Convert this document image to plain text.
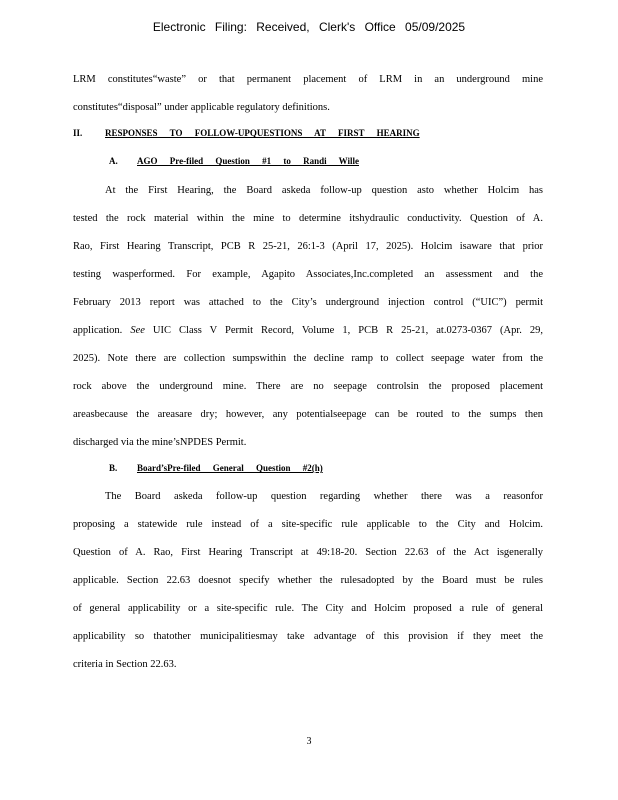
Electronic Filing: Received, Clerk's Office 05/09/2025
LRM constitutes“waste” or that permanent placement of LRM in an underground mine
constitutes“disposal” under applicable regulatory definitions.
II.	RESPONSES TO FOLLOW-UPQUESTIONS AT FIRST HEARING
A. AGO Pre-filed Question #1 to Randi Wille
At the First Hearing, the Board askeda follow-up question asto whether Holcim has
tested the rock material within the mine to determine itshydraulic conductivity. Question of A.
Rao, First Hearing Transcript, PCB R 25-21, 26:1-3 (April 17, 2025). Holcim isaware that prior
testing wasperformed. For example, Agapito Associates,Inc.completed an assessment and the
February 2013 report was attached to the City’s underground injection control (“UIC”) permit
application. See UIC Class V Permit Record, Volume 1, PCB R 25-21, at.0273-0367 (Apr. 29,
2025). Note there are collection sumpswithin the decline ramp to collect seepage water from the
rock above the underground mine. There are no seepage controlsin the proposed placement
areasbecause the areasare dry; however, any potentialseepage can be routed to the sumps then
discharged via the mine’sNPDES Permit.
B. Board’sPre-filed General Question #2(h)
The Board askeda follow-up question regarding whether there was a reasonfor
proposing a statewide rule instead of a site-specific rule applicable to the City and Holcim.
Question of A. Rao, First Hearing Transcript at 49:18-20. Section 22.63 of the Act isgenerally
applicable. Section 22.63 doesnot specify whether the rulesadopted by the Board must be rules
of general applicability or a site-specific rule. The City and Holcim proposed a rule of general
applicability so thatother municipalitiesmay take advantage of this provision if they meet the
criteria in Section 22.63.
3
